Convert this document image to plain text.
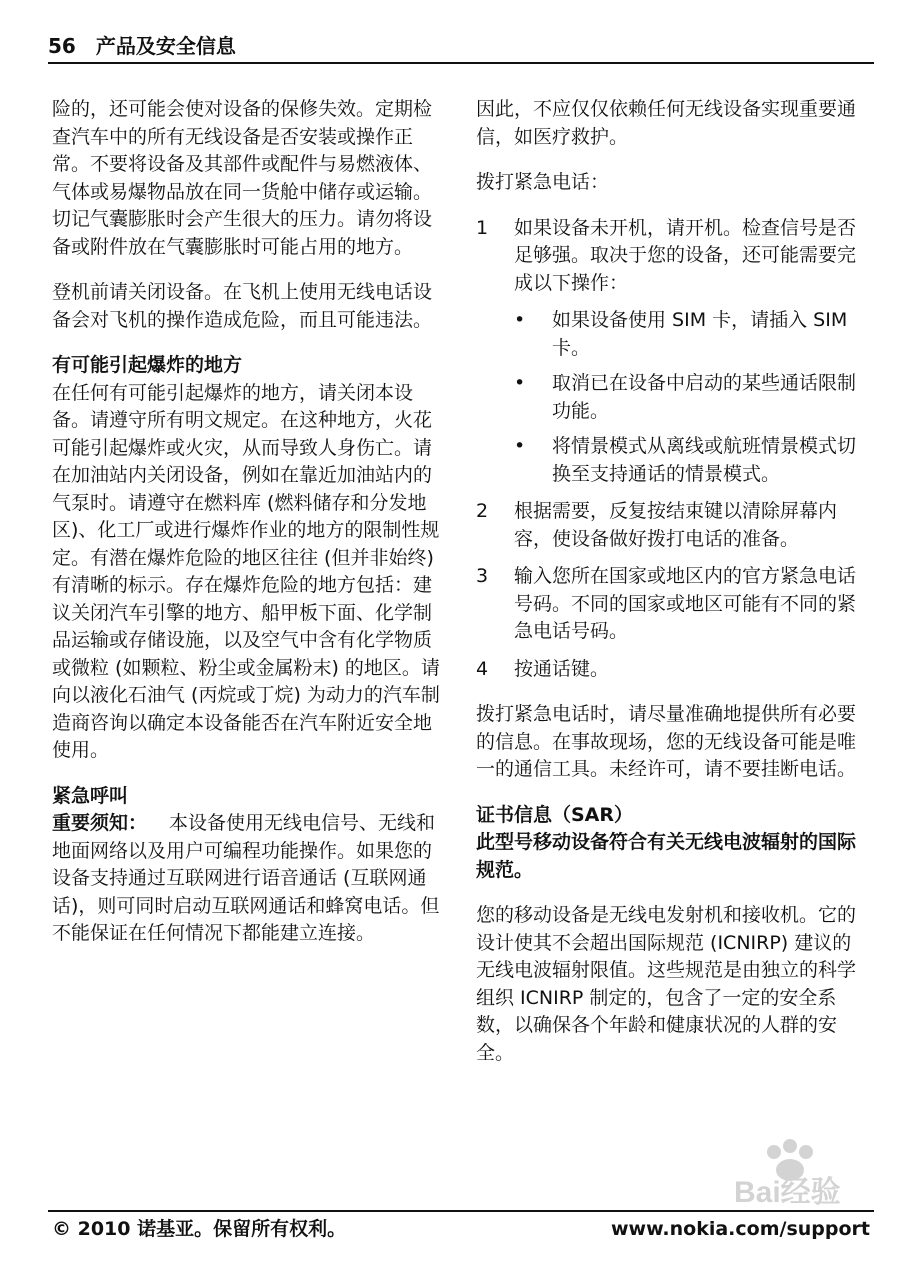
56 产品及安全信息

险的，还可能会使对设备的保修失效。定期检查汽车中的所有无线设备是否安装或操作正常。不要将设备及其部件或配件与易燃液体、气体或易爆物品放在同一货舱中储存或运输。切记气囊膨胀时会产生很大的压力。请勿将设备或附件放在气囊膨胀时可能占用的地方。

登机前请关闭设备。在飞机上使用无线电话设备会对飞机的操作造成危险，而且可能违法。

有可能引起爆炸的地方

在任何有可能引起爆炸的地方，请关闭本设备。请遵守所有明文规定。在这种地方，火花可能引起爆炸或火灾，从而导致人身伤亡。请在加油站内关闭设备，例如在靠近加油站内的气泵时。请遵守在燃料库 (燃料储存和分发地区)、化工厂或进行爆炸作业的地方的限制性规定。有潜在爆炸危险的地区往往 (但并非始终) 有清晰的标示。存在爆炸危险的地方包括：建议关闭汽车引擎的地方、船甲板下面、化学制品运输或存储设施，以及空气中含有化学物质或微粒 (如颗粒、粉尘或金属粉末) 的地区。请向以液化石油气 (丙烷或丁烷) 为动力的汽车制造商咨询以确定本设备能否在汽车附近安全地使用。

紧急呼叫

重要须知： 本设备使用无线电信号、无线和地面网络以及用户可编程功能操作。如果您的设备支持通过互联网进行语音通话 (互联网通话)，则可同时启动互联网通话和蜂窝电话。但不能保证在任何情况下都能建立连接。

因此，不应仅仅依赖任何无线设备实现重要通信，如医疗救护。

拨打紧急电话：

1 如果设备未开机，请开机。检查信号是否足够强。取决于您的设备，还可能需要完成以下操作：
• 如果设备使用 SIM 卡，请插入 SIM 卡。
• 取消已在设备中启动的某些通话限制功能。
• 将情景模式从离线或航班情景模式切换至支持通话的情景模式。
2 根据需要，反复按结束键以清除屏幕内容，使设备做好拨打电话的准备。
3 输入您所在国家或地区内的官方紧急电话号码。不同的国家或地区可能有不同的紧急电话号码。
4 按通话键。

拨打紧急电话时，请尽量准确地提供所有必要的信息。在事故现场，您的无线设备可能是唯一的通信工具。未经许可，请不要挂断电话。

证书信息（SAR）
此型号移动设备符合有关无线电波辐射的国际规范。

您的移动设备是无线电发射机和接收机。它的设计使其不会超出国际规范 (ICNIRP) 建议的无线电波辐射限值。这些规范是由独立的科学组织 ICNIRP 制定的，包含了一定的安全系数，以确保各个年龄和健康状况的人群的安全。

Bai经验
© 2010 诺基亚。保留所有权利。	www.nokia.com/support
